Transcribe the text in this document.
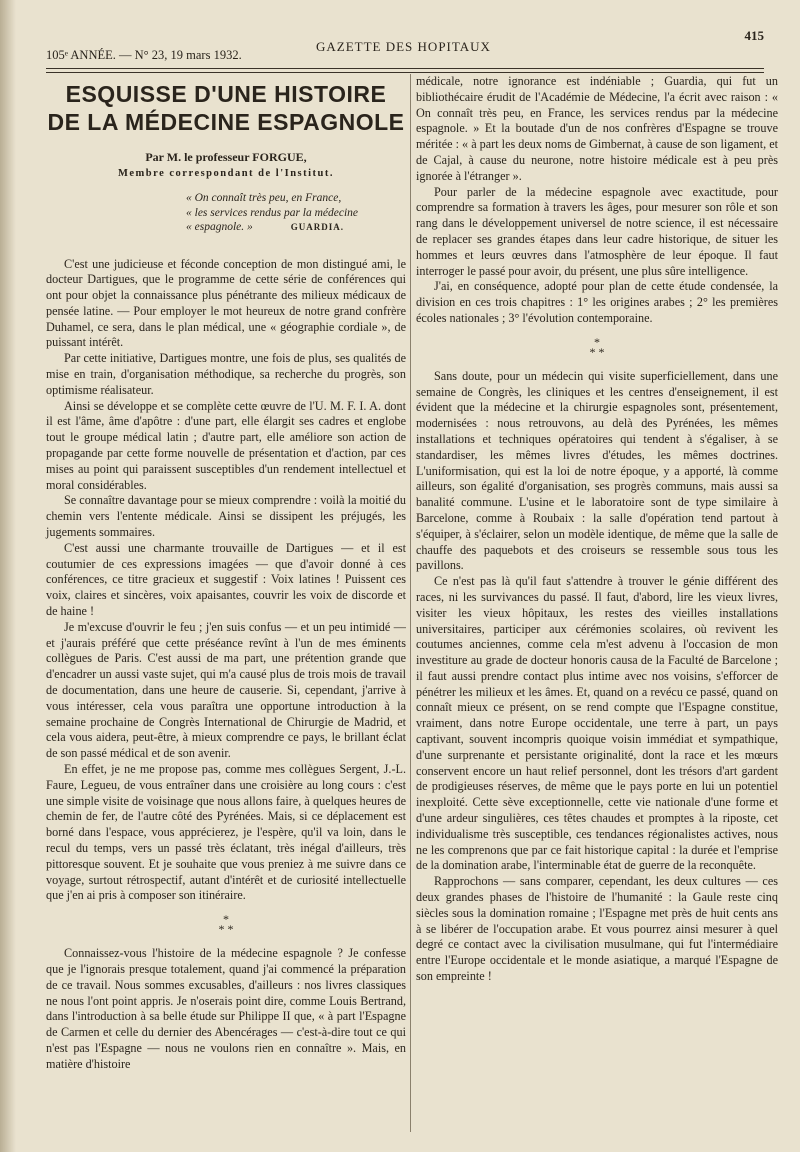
105ᵉ ANNÉE. — N° 23, 19 mars 1932.
GAZETTE DES HOPITAUX
415
ESQUISSE D'UNE HISTOIRE
DE LA MÉDECINE ESPAGNOLE
Par M. le professeur FORGUE,
Membre correspondant de l'Institut.
« On connaît très peu, en France,
« les services rendus par la médecine
« espagnole. »	GUARDIA.

C'est une judicieuse et féconde conception de mon distingué ami, le docteur Dartigues, que le programme de cette série de conférences qui ont pour objet la connaissance plus pénétrante des milieux médicaux de pensée latine. — Pour employer le mot heureux de notre grand confrère Duhamel, ce sera, dans le plan médical, une « géographie cordiale », de puissant intérêt.

Par cette initiative, Dartigues montre, une fois de plus, ses qualités de mise en train, d'organisation méthodique, sa recherche du progrès, son optimisme réalisateur.

Ainsi se développe et se complète cette œuvre de l'U. M. F. I. A. dont il est l'âme, âme d'apôtre : d'une part, elle élargit ses cadres et englobe tout le groupe médical latin ; d'autre part, elle améliore son action de propagande par cette forme nouvelle de présentation et d'action, par ces mises au point qui paraissent susceptibles d'un rendement intellectuel et moral considérables.

Se connaître davantage pour se mieux comprendre : voilà la moitié du chemin vers l'entente médicale. Ainsi se dissipent les préjugés, les jugements sommaires.

C'est aussi une charmante trouvaille de Dartigues — et il est coutumier de ces expressions imagées — que d'avoir donné à ces conférences, ce titre gracieux et suggestif : Voix latines ! Puissent ces voix, claires et sincères, voix apaisantes, couvrir les voix de discorde et de haine !

Je m'excuse d'ouvrir le feu ; j'en suis confus — et un peu intimidé — et j'aurais préféré que cette préséance revînt à l'un de mes éminents collègues de Paris. C'est aussi de ma part, une prétention grande que d'encadrer un aussi vaste sujet, qui m'a causé plus de trois mois de travail de documentation, dans une heure de causerie. Si, cependant, j'arrive à vous intéresser, cela vous paraîtra une opportune introduction à la semaine prochaine de Congrès International de Chirurgie de Madrid, et cela vous aidera, peut-être, à mieux comprendre ce pays, le brillant éclat de son passé médical et de son avenir.

En effet, je ne me propose pas, comme mes collègues Sergent, J.-L. Faure, Legueu, de vous entraîner dans une croisière au long cours : c'est une simple visite de voisinage que nous allons faire, à quelques heures de chemin de fer, de l'autre côté des Pyrénées. Mais, si ce déplacement est borné dans l'espace, vous apprécierez, je l'espère, qu'il va loin, dans le recul du temps, vers un passé très éclatant, très inégal d'ailleurs, très pittoresque souvent. Et je souhaite que vous preniez à me suivre dans ce voyage, surtout rétrospectif, autant d'intérêt et de curiosité intellectuelle que j'en ai pris à composer son itinéraire.

*
* *

Connaissez-vous l'histoire de la médecine espagnole ? Je confesse que je l'ignorais presque totalement, quand j'ai commencé la préparation de ce travail. Nous sommes excusables, d'ailleurs : nos livres classiques ne nous l'ont point appris. Je n'oserais point dire, comme Louis Bertrand, dans l'introduction à sa belle étude sur Philippe II que, « à part l'Espagne de Carmen et celle du dernier des Abencérages — c'est-à-dire tout ce qui n'est pas l'Espagne — nous ne voulons rien en connaître ». Mais, en matière d'histoire

médicale, notre ignorance est indéniable ; Guardia, qui fut un bibliothécaire érudit de l'Académie de Médecine, l'a écrit avec raison : « On connaît très peu, en France, les services rendus par la médecine espagnole. » Et la boutade d'un de nos confrères d'Espagne se trouve méritée : « à part les deux noms de Gimbernat, à cause de son ligament, et de Cajal, à cause du neurone, notre histoire médicale est à peu près ignorée à l'étranger ».

Pour parler de la médecine espagnole avec exactitude, pour comprendre sa formation à travers les âges, pour mesurer son rôle et son rang dans le développement universel de notre science, il est nécessaire de replacer ses grandes étapes dans leur cadre historique, de situer les hommes et leurs œuvres dans l'atmosphère de leur époque. Il faut interroger le passé pour avoir, du présent, une plus sûre intelligence.

J'ai, en conséquence, adopté pour plan de cette étude condensée, la division en ces trois chapitres : 1° les origines arabes ; 2° les premières écoles nationales ; 3° l'évolution contemporaine.

*
* *

Sans doute, pour un médecin qui visite superficiellement, dans une semaine de Congrès, les cliniques et les centres d'enseignement, il est évident que la médecine et la chirurgie espagnoles sont, présentement, modernisées : nous retrouvons, au delà des Pyrénées, les mêmes installations et techniques opératoires qui tendent à s'égaliser, à se standardiser, les mêmes livres d'études, les mêmes doctrines. L'uniformisation, qui est la loi de notre époque, y a apporté, là comme ailleurs, son égalité d'organisation, ses progrès communs, mais aussi sa banalité commune. L'usine et le laboratoire sont de type similaire à Barcelone, comme à Roubaix : la salle d'opération tend partout à s'équiper, à s'éclairer, selon un modèle identique, de même que la salle de chauffe des paquebots et des croiseurs se ressemble sous tous les pavillons.

Ce n'est pas là qu'il faut s'attendre à trouver le génie différent des races, ni les survivances du passé. Il faut, d'abord, lire les vieux livres, visiter les vieux hôpitaux, les restes des vieilles installations universitaires, participer aux cérémonies scolaires, où revivent les coutumes anciennes, comme cela m'est advenu à l'occasion de mon investiture au grade de docteur honoris causa de la Faculté de Barcelone ; il faut aussi prendre contact plus intime avec nos voisins, s'efforcer de pénétrer les milieux et les âmes. Et, quand on a revécu ce passé, quand on connaît mieux ce présent, on se rend compte que l'Espagne constitue, vraiment, dans notre Europe occidentale, une terre à part, un pays captivant, souvent incompris quoique voisin immédiat et sympathique, d'une surprenante et persistante originalité, dont la race et les mœurs conservent encore un haut relief personnel, dont les trésors d'art gardent de prodigieuses réserves, de même que le pays porte en lui un potentiel inexploité. Cette sève exceptionnelle, cette vie nationale d'une forme et d'une ardeur singulières, ces têtes chaudes et promptes à la riposte, cet individualisme très susceptible, ces tendances régionalistes actives, nous ne les comprenons que par ce fait historique capital : la durée et l'emprise de la domination arabe, l'interminable état de guerre de la reconquête.

Rapprochons — sans comparer, cependant, les deux cultures — ces deux grandes phases de l'histoire de l'humanité : la Gaule reste cinq siècles sous la domination romaine ; l'Espagne met près de huit cents ans à se libérer de l'occupation arabe. Et vous pourrez ainsi mesurer à quel degré ce contact avec la civilisation musulmane, qui fut l'intermédiaire entre l'Europe occidentale et le monde asiatique, a marqué l'Espagne de son empreinte !
